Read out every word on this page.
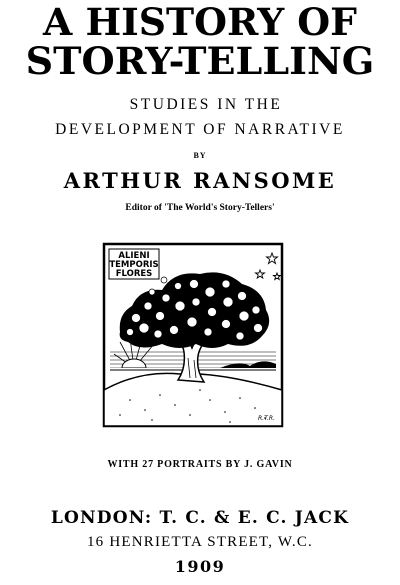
A HISTORY OF
STORY-TELLING
STUDIES IN THE
DEVELOPMENT OF NARRATIVE
BY
ARTHUR RANSOME
Editor of 'The World's Story-Tellers'
ALIENI
TEMPORIS
FLORES
R.T.R.
WITH 27 PORTRAITS BY J. GAVIN
LONDON: T. C. & E. C. JACK
16 HENRIETTA STREET, W.C.
1909
